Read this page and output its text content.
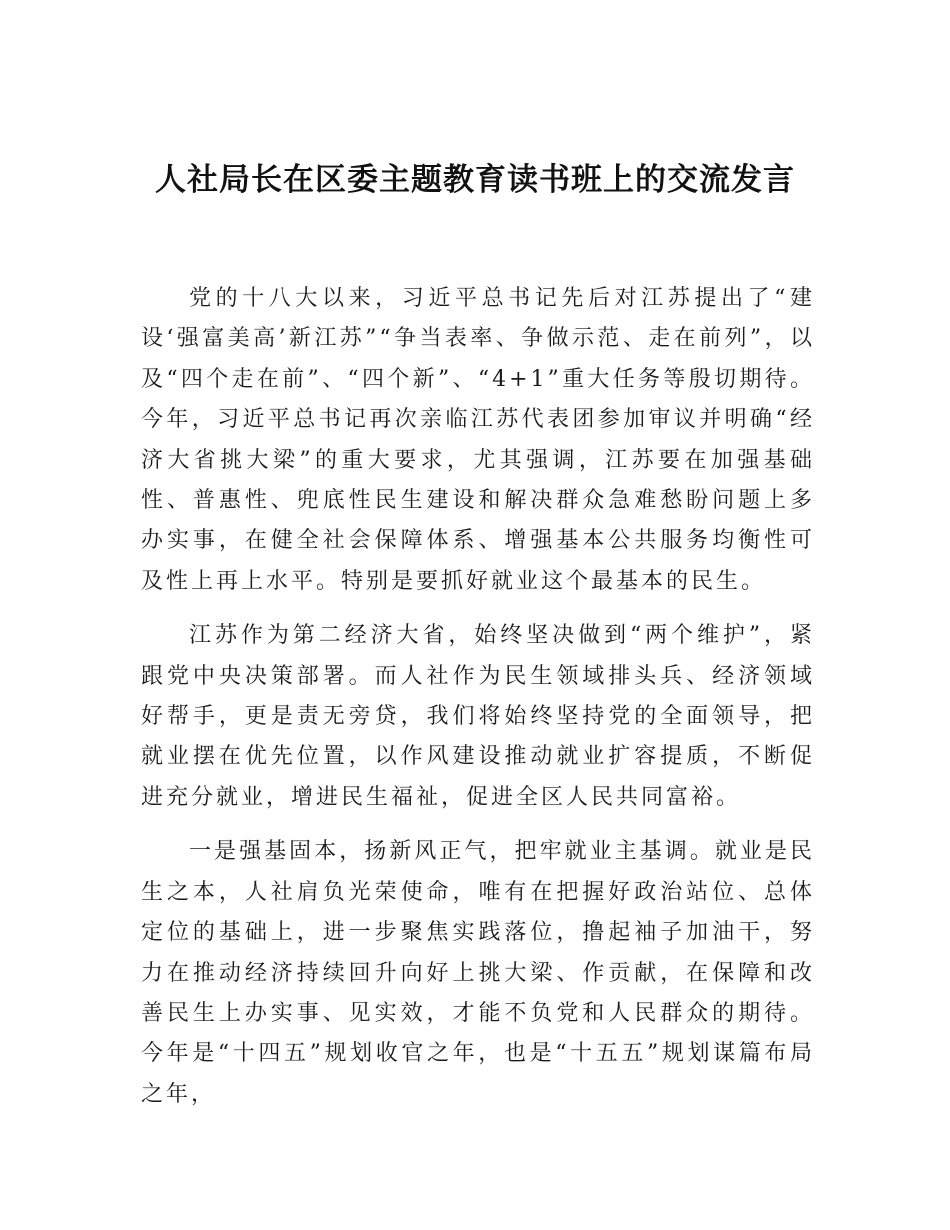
人社局长在区委主题教育读书班上的交流发言

党的十八大以来，习近平总书记先后对江苏提出了“建设‘强富美高’新江苏”“争当表率、争做示范、走在前列”，以及“四个走在前”、“四个新”、“4+1”重大任务等殷切期待。今年，习近平总书记再次亲临江苏代表团参加审议并明确“经济大省挑大梁”的重大要求，尤其强调，江苏要在加强基础性、普惠性、兜底性民生建设和解决群众急难愁盼问题上多办实事，在健全社会保障体系、增强基本公共服务均衡性可及性上再上水平。特别是要抓好就业这个最基本的民生。

江苏作为第二经济大省，始终坚决做到“两个维护”，紧跟党中央决策部署。而人社作为民生领域排头兵、经济领域好帮手，更是责无旁贷，我们将始终坚持党的全面领导，把就业摆在优先位置，以作风建设推动就业扩容提质，不断促进充分就业，增进民生福祉，促进全区人民共同富裕。

一是强基固本，扬新风正气，把牢就业主基调。就业是民生之本，人社肩负光荣使命，唯有在把握好政治站位、总体定位的基础上，进一步聚焦实践落位，撸起袖子加油干，努力在推动经济持续回升向好上挑大梁、作贡献，在保障和改善民生上办实事、见实效，才能不负党和人民群众的期待。今年是“十四五”规划收官之年，也是“十五五”规划谋篇布局之年，
